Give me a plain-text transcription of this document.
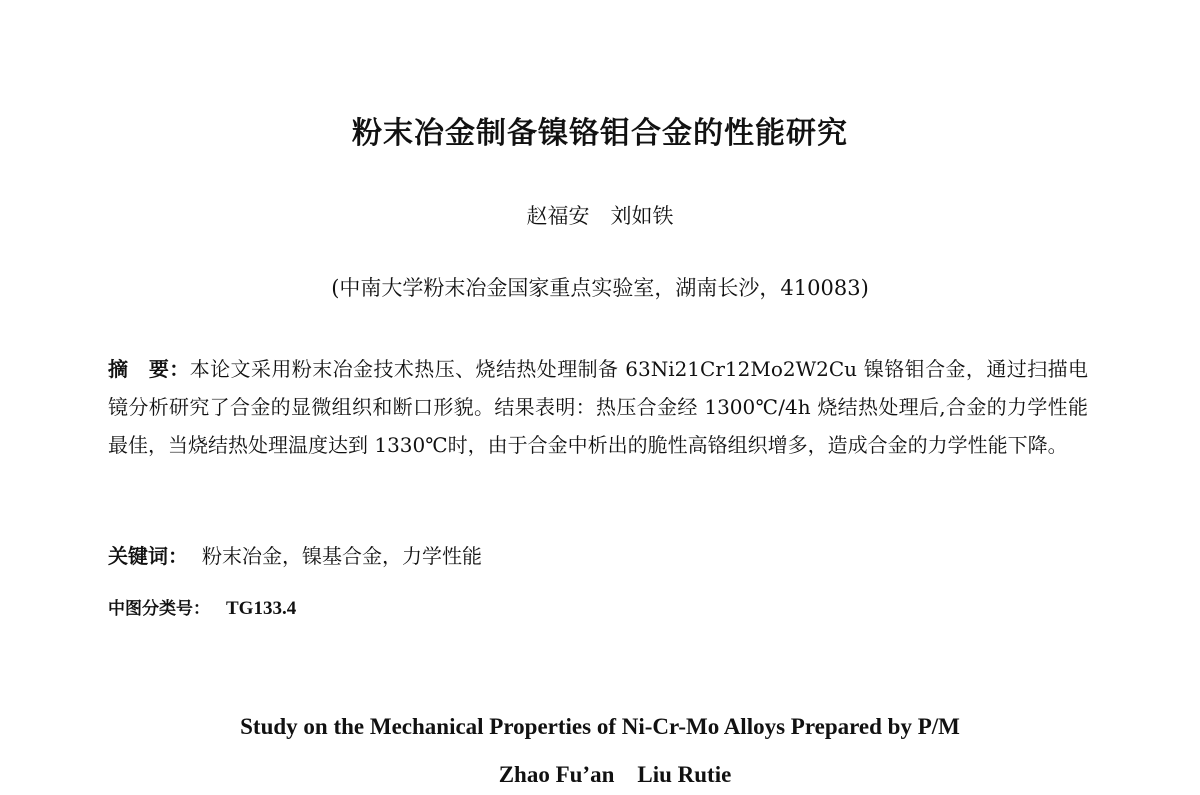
粉末冶金制备镍铬钼合金的性能研究
赵福安　刘如铁
(中南大学粉末冶金国家重点实验室，湖南长沙，410083)
摘　要：本论文采用粉末冶金技术热压、烧结热处理制备 63Ni21Cr12Mo2W2Cu 镍铬钼合金，通过扫描电镜分析研究了合金的显微组织和断口形貌。结果表明：热压合金经 1300℃/4h 烧结热处理后,合金的力学性能最佳，当烧结热处理温度达到 1330℃时，由于合金中析出的脆性高铬组织增多，造成合金的力学性能下降。
关键词： 粉末冶金，镍基合金，力学性能
中图分类号： TG133.4
Study on the Mechanical Properties of Ni-Cr-Mo Alloys Prepared by P/M
Zhao Fu’an    Liu Rutie
